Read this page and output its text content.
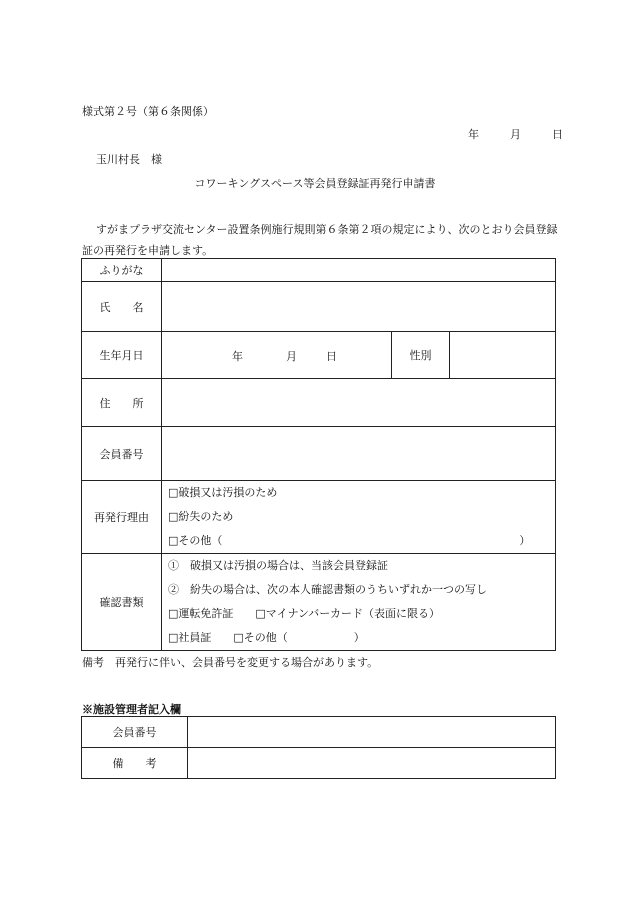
様式第２号（第６条関係）
年	月	日
玉川村長　様
コワーキングスペース等会員登録証再発行申請書
すがまプラザ交流センター設置条例施行規則第６条第２項の規定により、次のとおり会員登録証の再発行を申請します。
ふりがな			
氏　　名			
生年月日	年 月 日	性別	
住　　所			
会員番号			
再発行理由	□破損又は汚損のため
□紛失のため
□その他（　　　　　　　　　　　　　　　　　　　　　　　　　　　）		

確認書類	①　破損又は汚損の場合は、当該会員登録証
②　紛失の場合は、次の本人確認書類のうちいずれか一つの写し
□運転免許証　　□マイナンバーカード（表面に限る）
□社員証　　□その他（　　　　　　）		
備考　再発行に伴い、会員番号を変更する場合があります。
※施設管理者記入欄
会員番号	
備　　考	
